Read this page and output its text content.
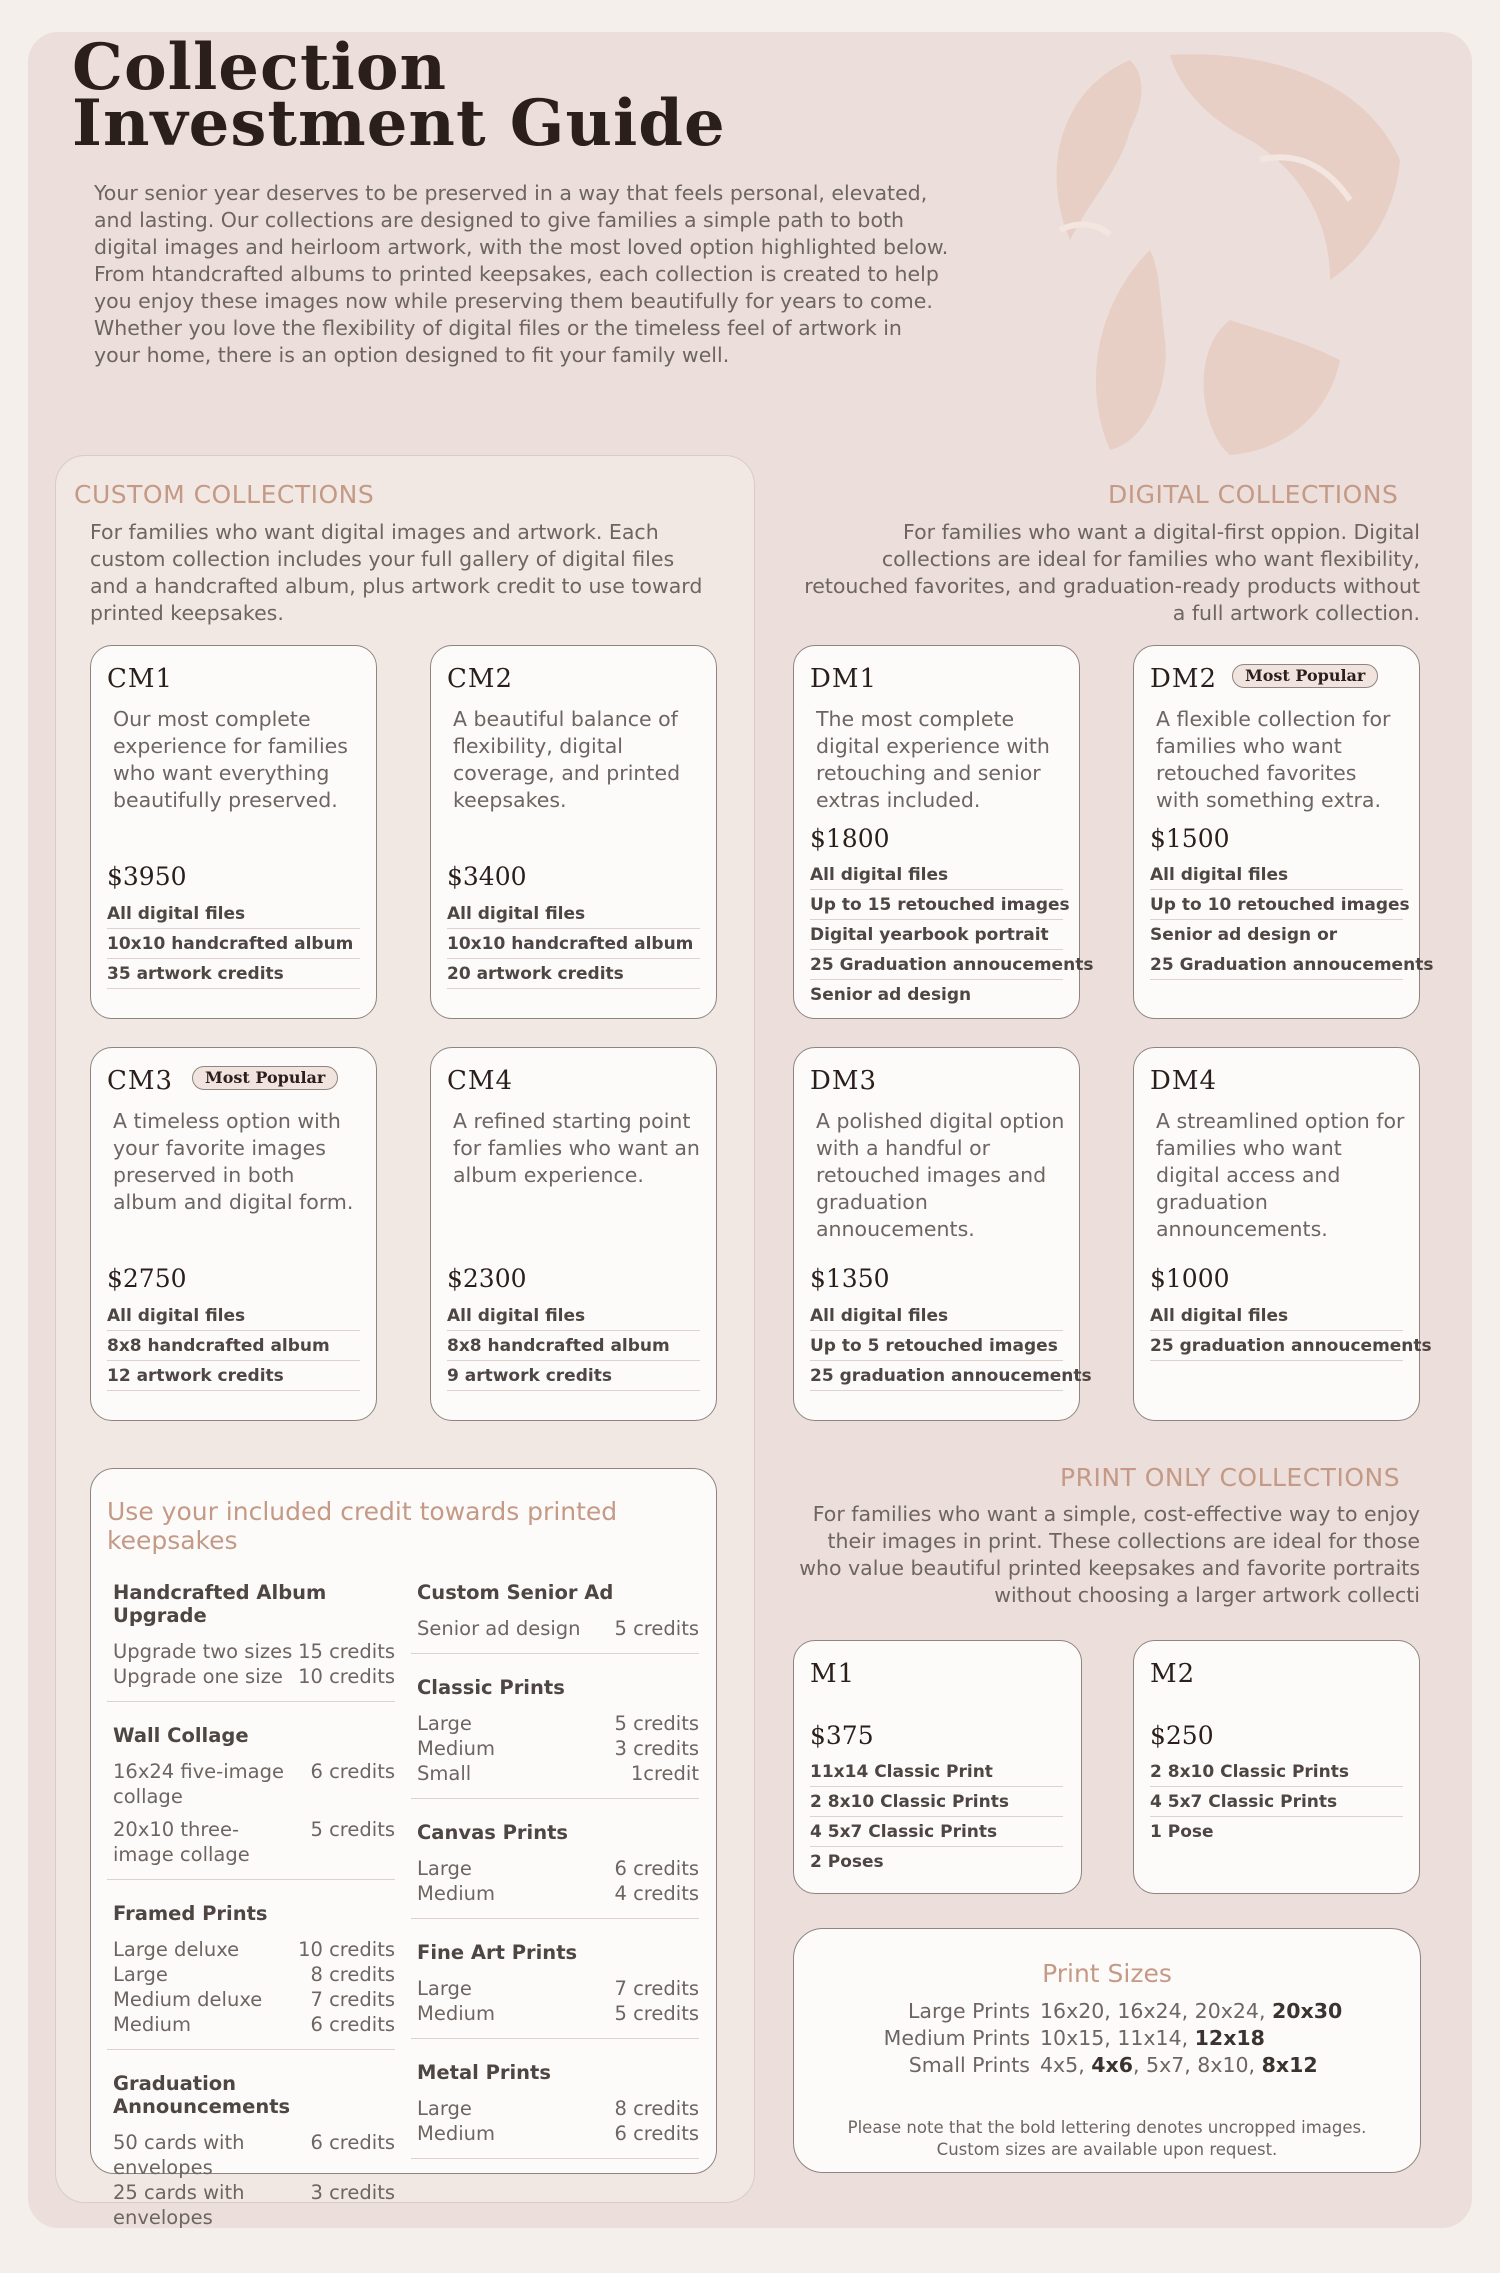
Collection
Investment Guide

Your senior year deserves to be preserved in a way that feels personal, elevated, and lasting. Our collections are designed to give families a simple path to both digital images and heirloom artwork, with the most loved option highlighted below. From htandcrafted albums to printed keepsakes, each collection is created to help you enjoy these images now while preserving them beautifully for years to come. Whether you love the flexibility of digital files or the timeless feel of artwork in your home, there is an option designed to fit your family well.

CUSTOM COLLECTIONS

For families who want digital images and artwork. Each custom collection includes your full gallery of digital files and a handcrafted album, plus artwork credit to use toward printed keepsakes.

DIGITAL COLLECTIONS

For families who want a digital-first oppion. Digital collections are ideal for families who want flexibility, retouched favorites, and graduation-ready products without a full artwork collection.

PRINT ONLY COLLECTIONS

For families who want a simple, cost-effective way to enjoy their images in print. These collections are ideal for those who value beautiful printed keepsakes and favorite portraits without choosing a larger artwork collecti

CM1

Our most complete experience for families who want everything beautifully preserved.

$3950
All digital files
10x10 handcrafted album
35 artwork credits
CM2

A beautiful balance of flexibility, digital coverage, and printed keepsakes.

$3400
All digital files
10x10 handcrafted album
20 artwork credits
CM3	Most Popular

A timeless option with your favorite images preserved in both album and digital form.

$2750
All digital files
8x8 handcrafted album
12 artwork credits
CM4

A refined starting point for famlies who want an album experience.

$2300
All digital files
8x8 handcrafted album
9 artwork credits
DM1

The most complete digital experience with retouching and senior extras included.

$1800
All digital files
Up to 15 retouched images
Digital yearbook portrait
25 Graduation annoucements
Senior ad design
DM2	Most Popular

A flexible collection for families who want retouched favorites with something extra.

$1500
All digital files
Up to 10 retouched images
Senior ad design or
25 Graduation annoucements
DM3

A polished digital option with a handful or retouched images and graduation annoucements.

$1350
All digital files
Up to 5 retouched images
25 graduation annoucements
DM4

A streamlined option for families who want digital access and graduation announcements.

$1000
All digital files
25 graduation annoucements
M1
$375
11x14 Classic Print
2 8x10 Classic Prints
4 5x7 Classic Prints
2 Poses
M2
$250
2 8x10 Classic Prints
4 5x7 Classic Prints
1 Pose
Use your included credit towards printed keepsakes
Handcrafted Album Upgrade
Upgrade two sizes 15 credits
Upgrade one size 10 credits
Wall Collage
16x24 five-image collage
6 credits
20x10 three-image collage
5 credits
Framed Prints
Large deluxe	10 credits
Large	8 credits
Medium deluxe 7 credits
Medium	6 credits
Graduation Announcements
50 cards with envelopes
6 credits
25 cards with envelopes
3 credits
Custom Senior Ad
Senior ad design 5 credits
Classic Prints
Large	5 credits
Medium	3 credits
Small	1credit
Canvas Prints
Large	6 credits
Medium	4 credits
Fine Art Prints
Large	7 credits
Medium	5 credits
Metal Prints
Large	8 credits
Medium	6 credits
Print Sizes
Large Prints 16x20, 16x24, 20x24, 20x30
Medium Prints 10x15, 11x14, 12x18
Small Prints 4x5, 4x6, 5x7, 8x10, 8x12
Please note that the bold lettering denotes uncropped images.
Custom sizes are available upon request.
